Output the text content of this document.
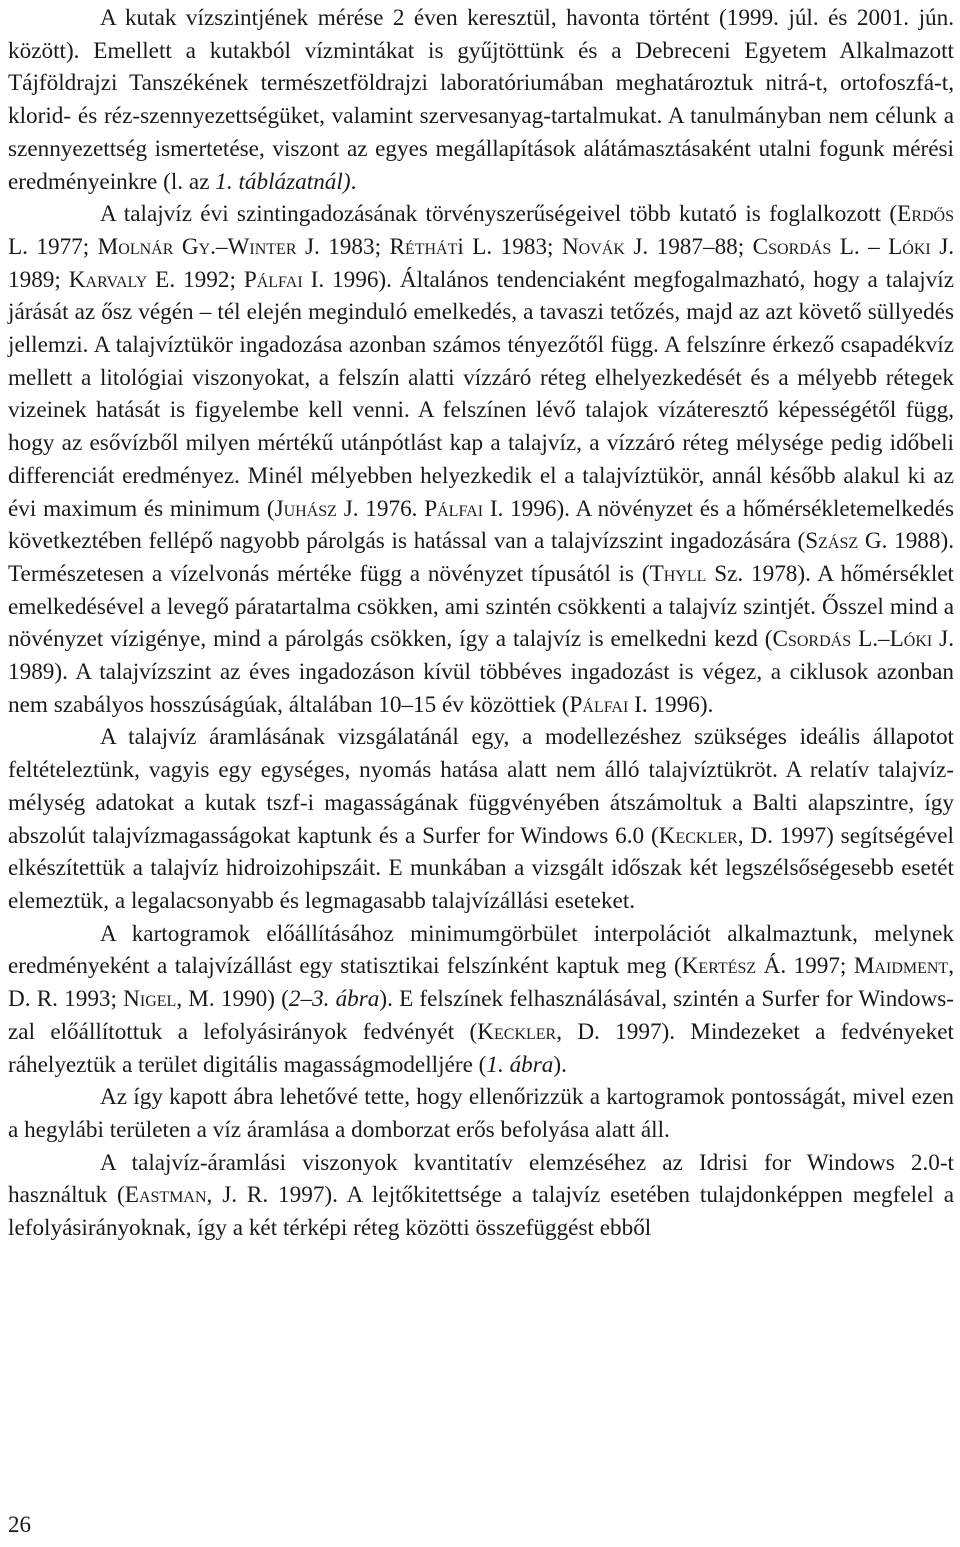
A kutak vízszintjének mérése 2 éven keresztül, havonta történt (1999. júl. és 2001. jún. között). Emellett a kutakból vízmintákat is gyűjtöttünk és a Debreceni Egyetem Alkalmazott Tájföldrajzi Tanszékének természetföldrajzi laboratóriumában meghatároztuk nitrá-t, ortofoszfá-t, klorid- és réz-szennyezettségüket, valamint szervesanyag-tartalmukat. A tanulmányban nem célunk a szennyezettség ismertetése, viszont az egyes megállapítások alátámasztásaként utalni fogunk mérési eredményeinkre (l. az 1. táblázatnál).

A talajvíz évi szintingadozásának törvényszerűségeivel több kutató is foglalkozott (Erdős L. 1977; Molnár Gy.–Winter J. 1983; Rétháti L. 1983; Novák J. 1987–88; Csordás L. – Lóki J. 1989; Karvaly E. 1992; Pálfai I. 1996). Általános tendenciaként megfogalmazható, hogy a talajvíz járását az ősz végén – tél elején meginduló emelkedés, a tavaszi tetőzés, majd az azt követő süllyedés jellemzi. A talajvíztükör ingadozása azonban számos tényezőtől függ. A felszínre érkező csapadékvíz mellett a litológiai viszonyokat, a felszín alatti vízzáró réteg elhelyezkedését és a mélyebb rétegek vizeinek hatását is figyelembe kell venni. A felszínen lévő talajok vízáteresztő képességétől függ, hogy az esővízből milyen mértékű utánpótlást kap a talajvíz, a vízzáró réteg mélysége pedig időbeli differenciát eredményez. Minél mélyebben helyezkedik el a talajvíztükör, annál később alakul ki az évi maximum és minimum (Juhász J. 1976. Pálfai I. 1996). A növényzet és a hőmérsékletemelkedés következtében fellépő nagyobb párolgás is hatással van a talajvízszint ingadozására (Szász G. 1988). Természetesen a vízelvonás mértéke függ a növényzet típusától is (Thyll Sz. 1978). A hőmérséklet emelkedésével a levegő páratartalma csökken, ami szintén csökkenti a talajvíz szintjét. Ősszel mind a növényzet vízigénye, mind a párolgás csökken, így a talajvíz is emelkedni kezd (Csordás L.–Lóki J. 1989). A talajvízszint az éves ingadozáson kívül többéves ingadozást is végez, a ciklusok azonban nem szabályos hosszúságúak, általában 10–15 év közöttiek (Pálfai I. 1996).

A talajvíz áramlásának vizsgálatánál egy, a modellezéshez szükséges ideális állapotot feltételeztünk, vagyis egy egységes, nyomás hatása alatt nem álló talajvíztükröt. A relatív talajvíz-mélység adatokat a kutak tszf-i magasságának függvényében átszámoltuk a Balti alapszintre, így abszolút talajvízmagasságokat kaptunk és a Surfer for Windows 6.0 (Keckler, D. 1997) segítségével elkészítettük a talajvíz hidroizohipszáit. E munkában a vizsgált időszak két legszélsőségesebb esetét elemeztük, a legalacsonyabb és legmagasabb talajvízállási eseteket.

A kartogramok előállításához minimumgörbület interpolációt alkalmaztunk, melynek eredményeként a talajvízállást egy statisztikai felszínként kaptuk meg (Kertész Á. 1997; Maidment, D. R. 1993; Nigel, M. 1990) (2–3. ábra). E felszínek felhasználásával, szintén a Surfer for Windows-zal előállítottuk a lefolyásirányok fedvényét (Keckler, D. 1997). Mindezeket a fedvényeket ráhelyeztük a terület digitális magasságmodelljére (1. ábra).

Az így kapott ábra lehetővé tette, hogy ellenőrizzük a kartogramok pontosságát, mivel ezen a hegylábi területen a víz áramlása a domborzat erős befolyása alatt áll.

A talajvíz-áramlási viszonyok kvantitatív elemzéséhez az Idrisi for Windows 2.0-t használtuk (Eastman, J. R. 1997). A lejtőkitettsége a talajvíz esetében tulajdonképpen megfelel a lefolyásirányoknak, így a két térképi réteg közötti összefüggést ebből

26
